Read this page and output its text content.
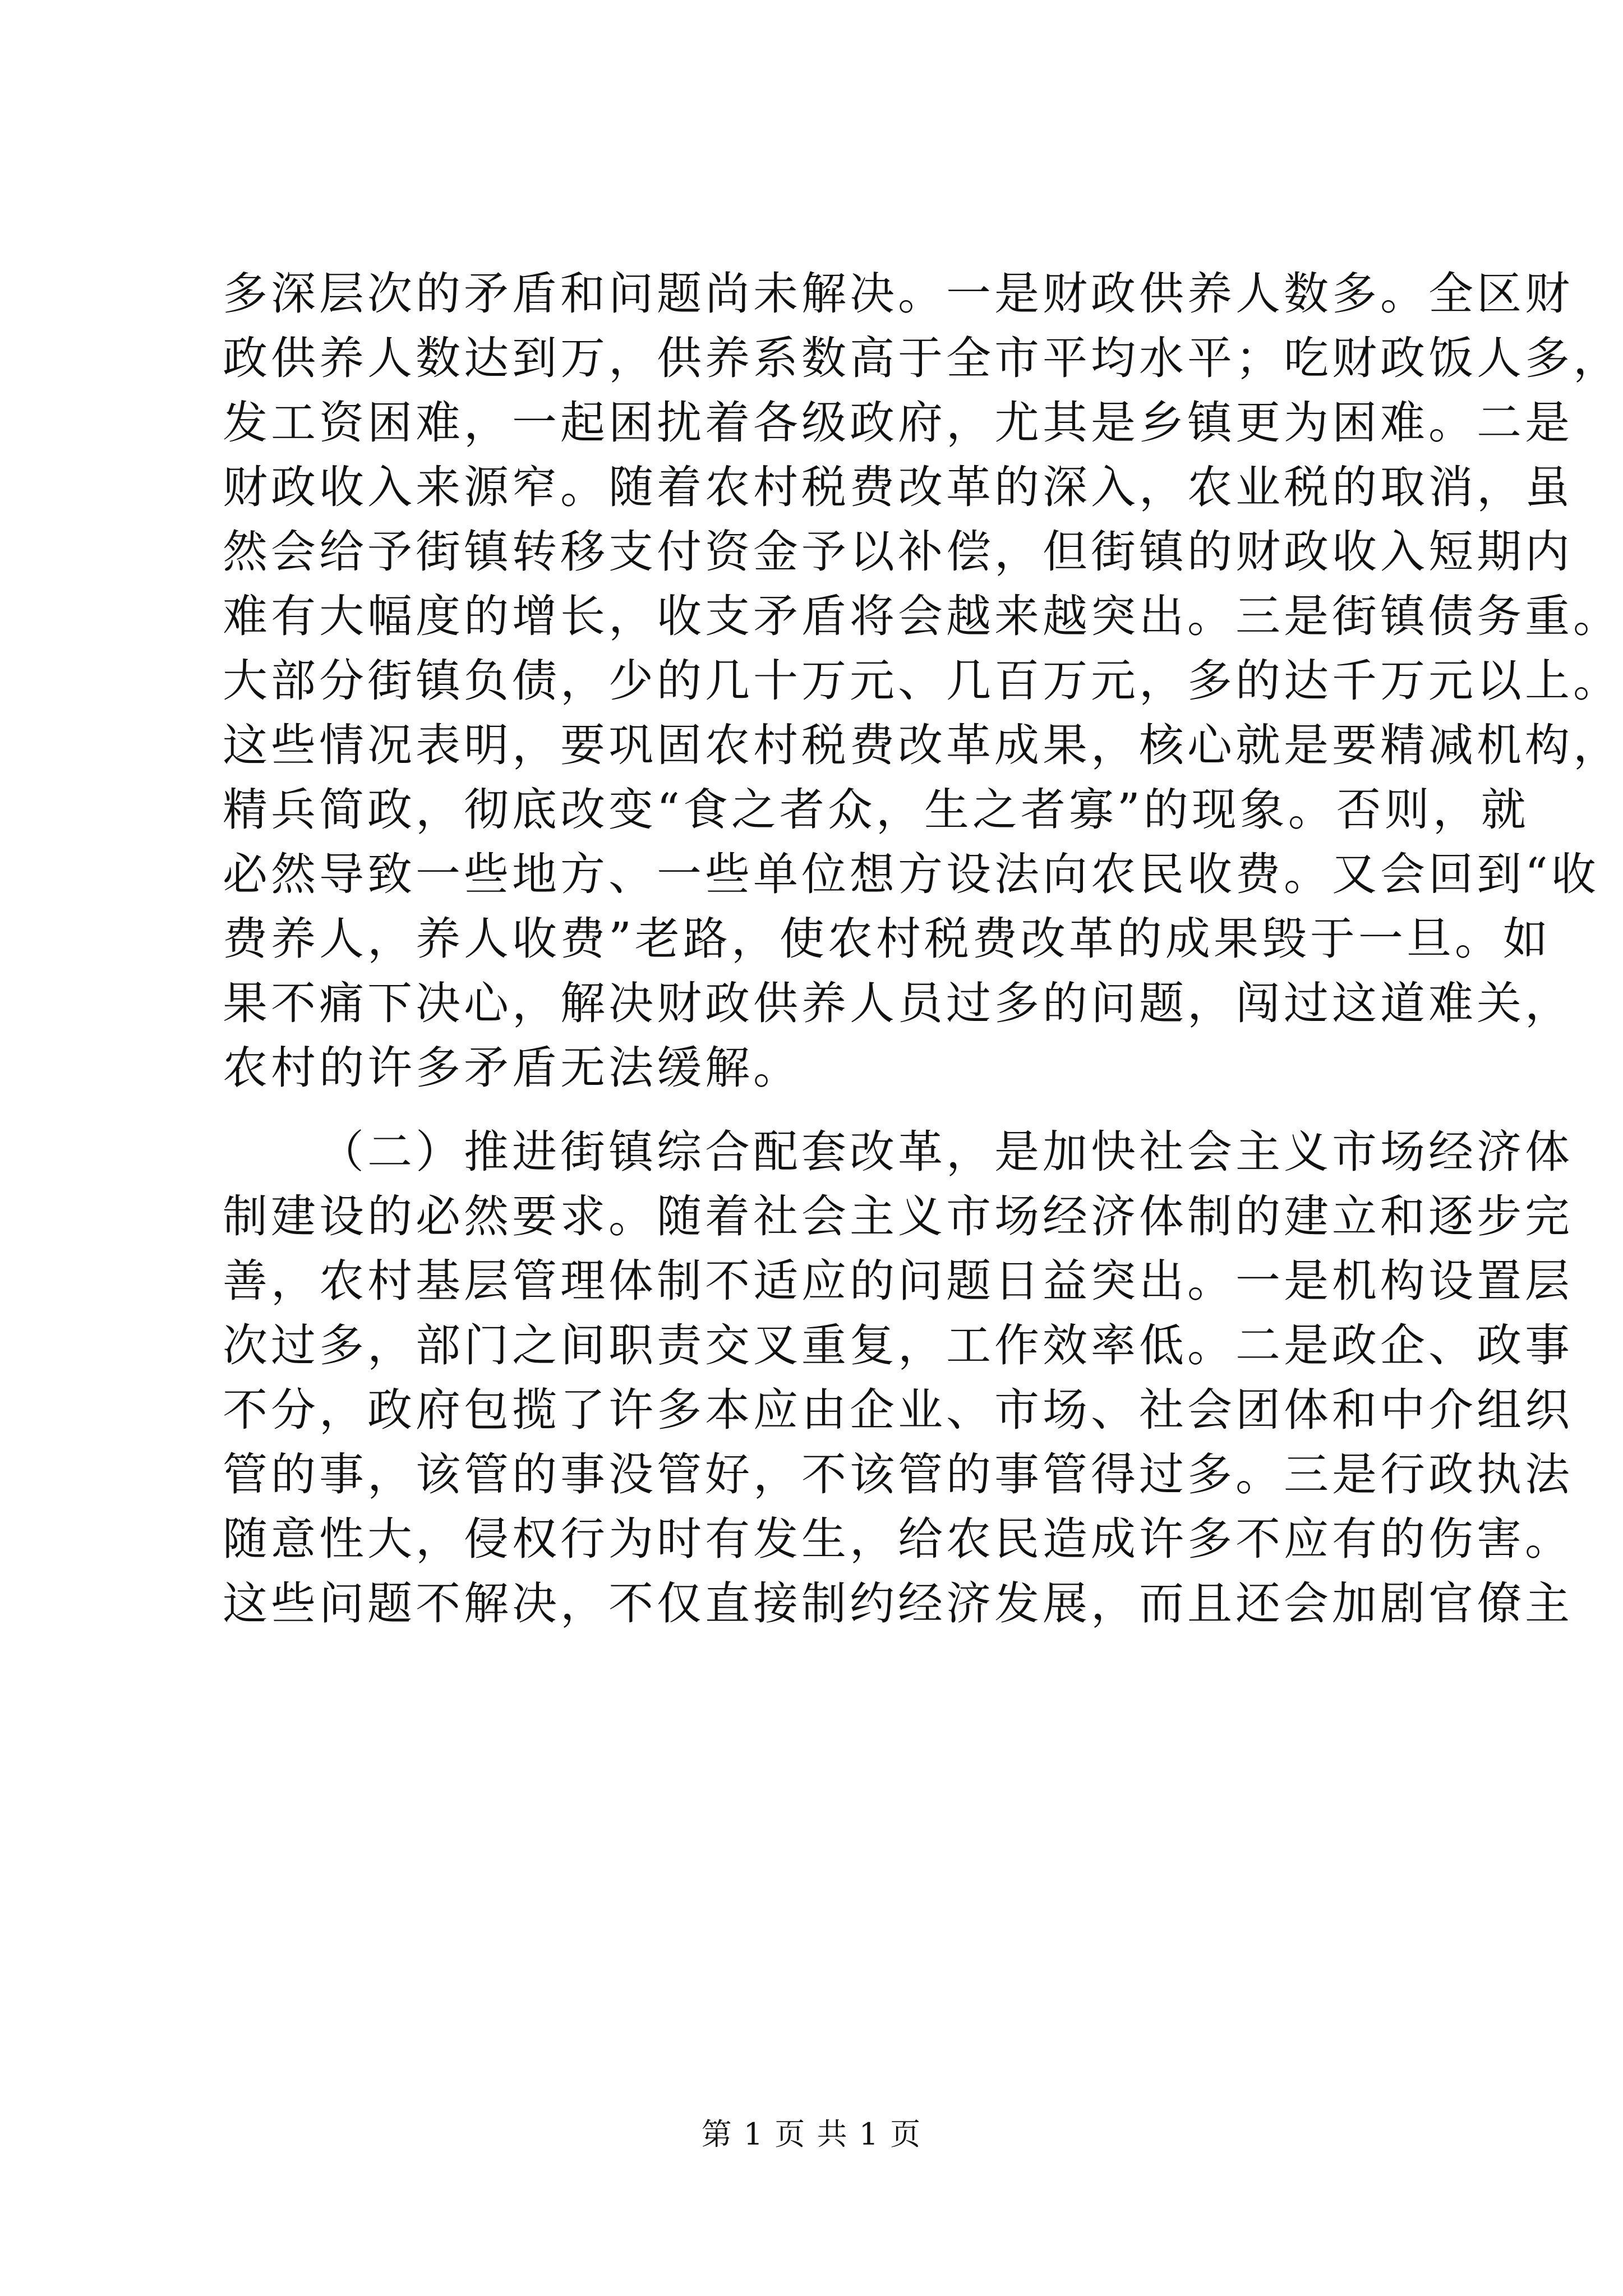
多深层次的矛盾和问题尚未解决。一是财政供养人数多。全区财
政供养人数达到万，供养系数高于全市平均水平；吃财政饭人多，
发工资困难，一起困扰着各级政府，尤其是乡镇更为困难。二是
财政收入来源窄。随着农村税费改革的深入，农业税的取消，虽
然会给予街镇转移支付资金予以补偿，但街镇的财政收入短期内
难有大幅度的增长，收支矛盾将会越来越突出。三是街镇债务重。
大部分街镇负债，少的几十万元、几百万元，多的达千万元以上。
这些情况表明，要巩固农村税费改革成果，核心就是要精减机构，
精兵简政，彻底改变“食之者众，生之者寡”的现象。否则，就
必然导致一些地方、一些单位想方设法向农民收费。又会回到“收
费养人，养人收费”老路，使农村税费改革的成果毁于一旦。如
果不痛下决心，解决财政供养人员过多的问题，闯过这道难关，
农村的许多矛盾无法缓解。
（二）推进街镇综合配套改革，是加快社会主义市场经济体
制建设的必然要求。随着社会主义市场经济体制的建立和逐步完
善，农村基层管理体制不适应的问题日益突出。一是机构设置层
次过多，部门之间职责交叉重复，工作效率低。二是政企、政事
不分，政府包揽了许多本应由企业、市场、社会团体和中介组织
管的事，该管的事没管好，不该管的事管得过多。三是行政执法
随意性大，侵权行为时有发生，给农民造成许多不应有的伤害。
这些问题不解决，不仅直接制约经济发展，而且还会加剧官僚主
第 1 页 共 1 页
